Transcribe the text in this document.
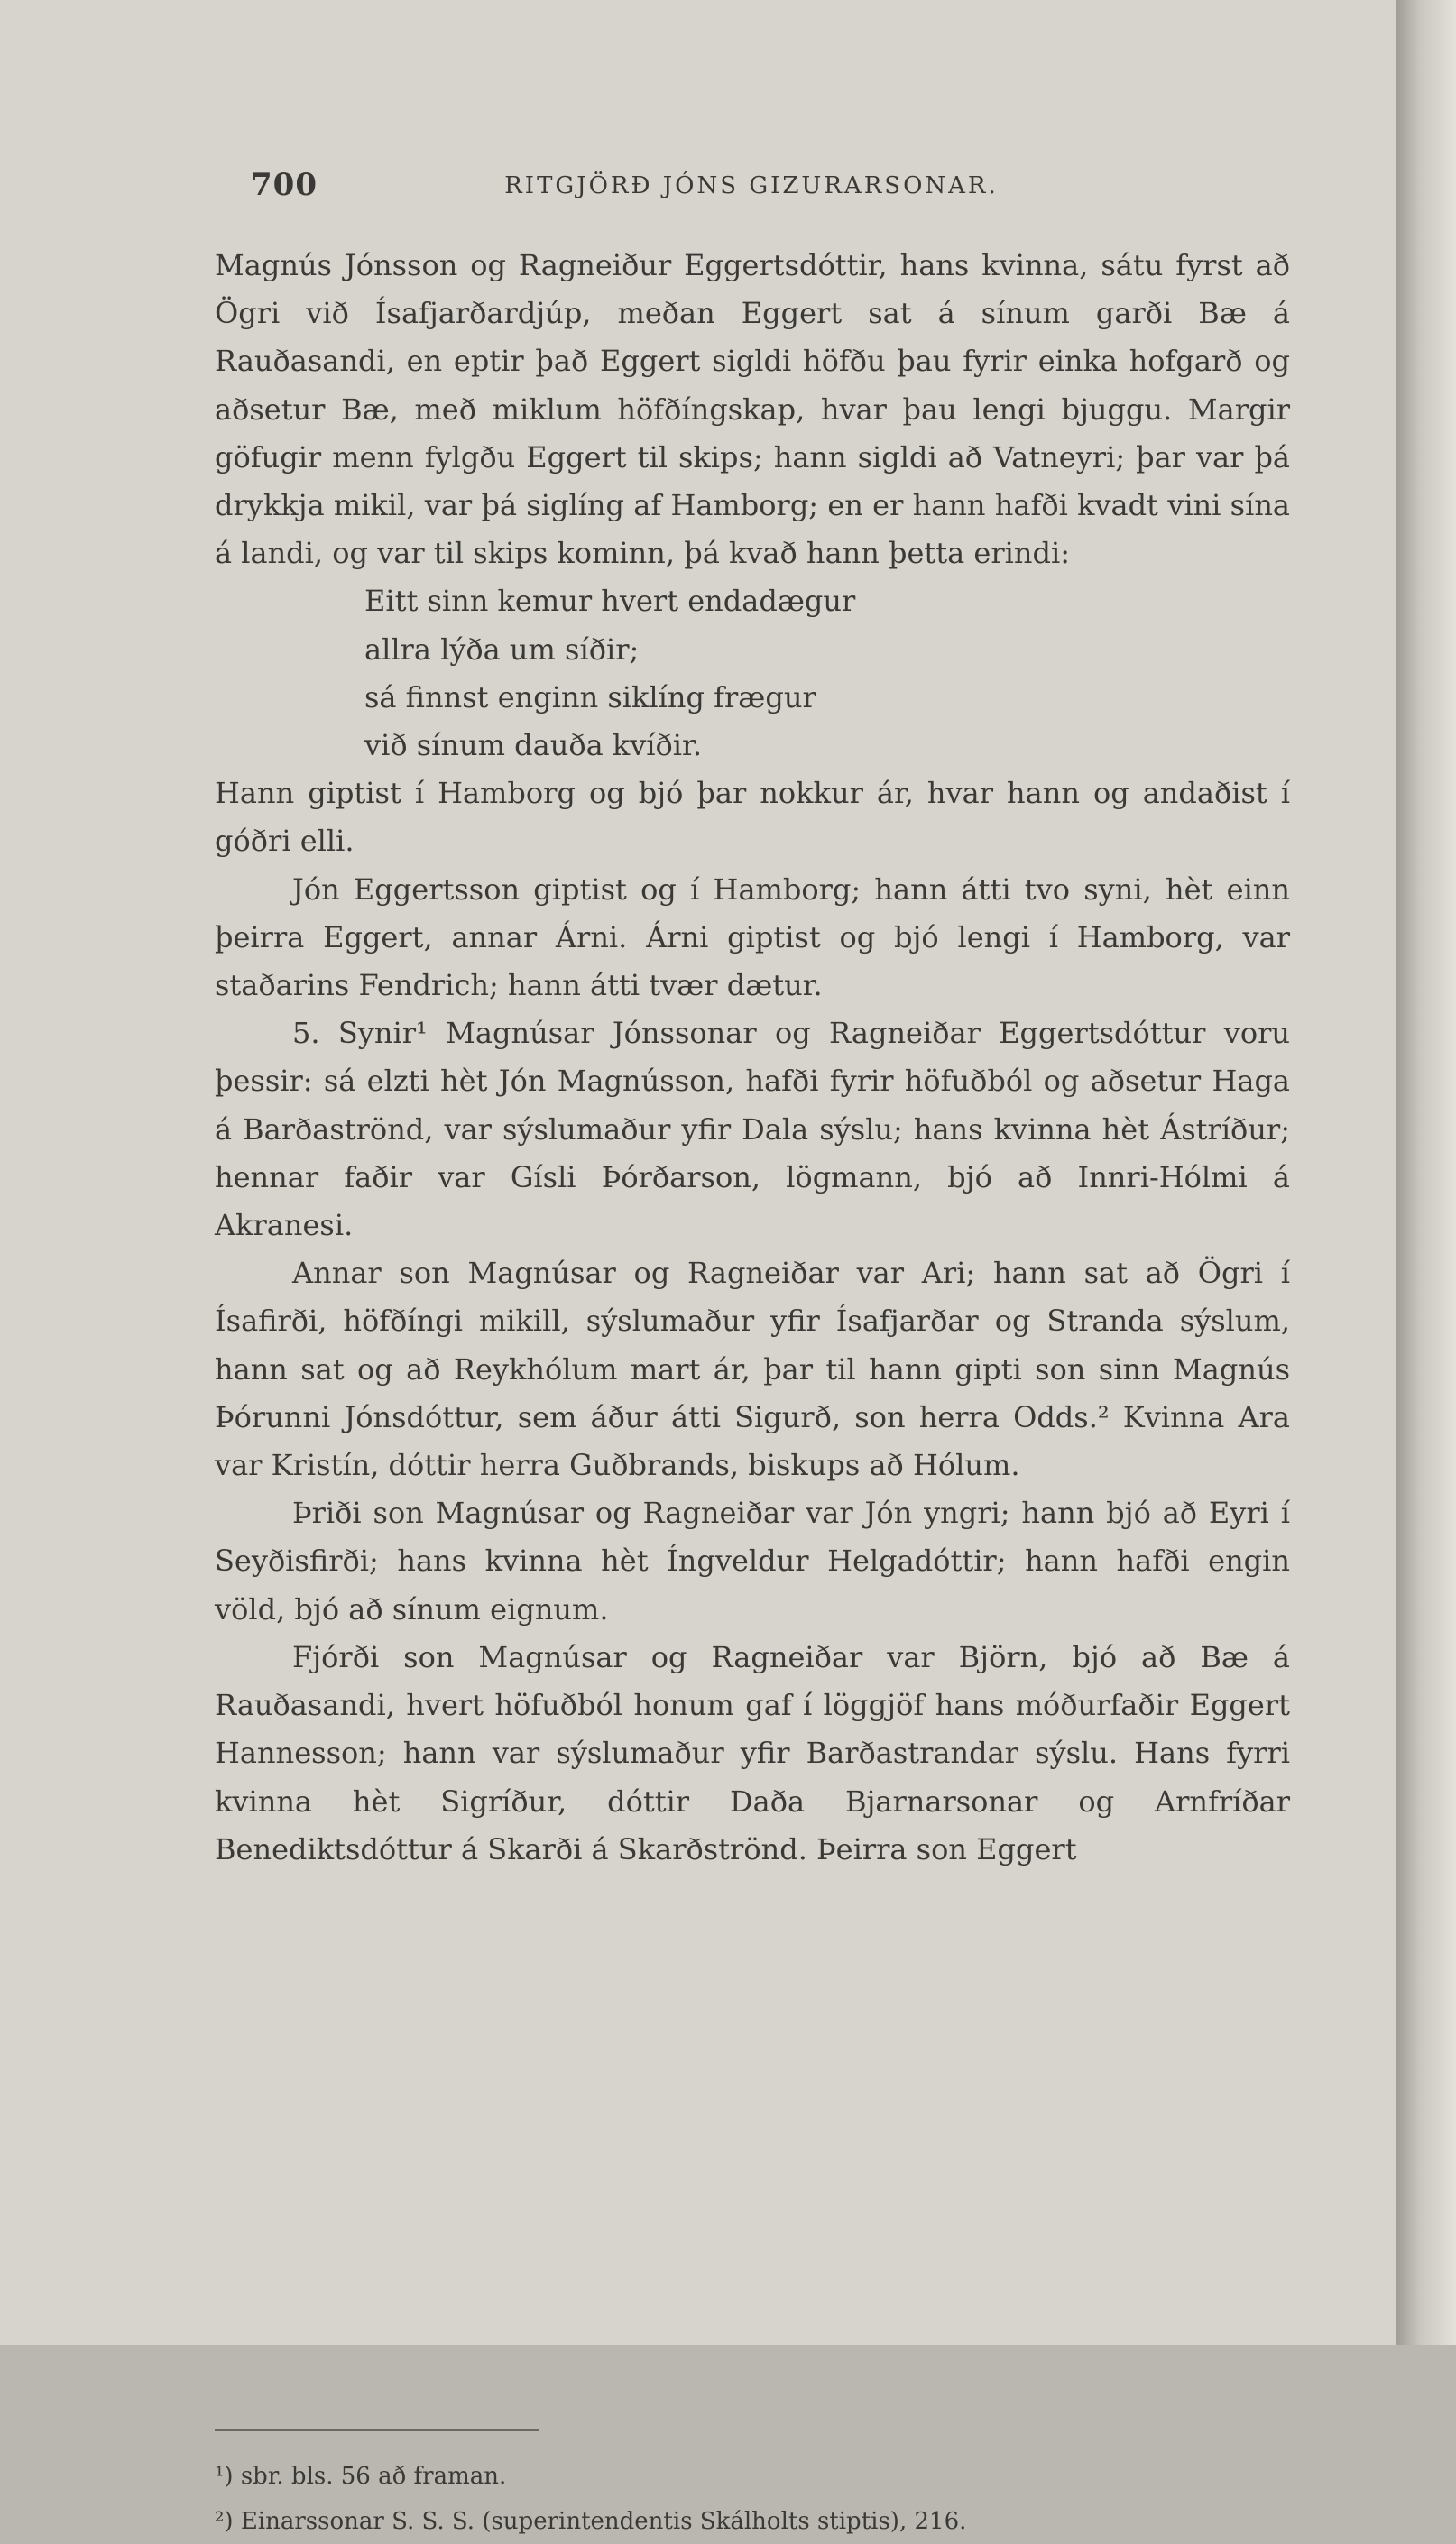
700	RITGJÖRÐ JÓNS GIZURARSONAR.

Magnús Jónsson og Ragneiður Eggertsdóttir, hans kvinna, sátu fyrst að Ögri við Ísafjarðardjúp, meðan Eggert sat á sínum garði Bæ á Rauðasandi, en eptir það Eggert sigldi höfðu þau fyrir einka hofgarð og aðsetur Bæ, með miklum höfðíngskap, hvar þau lengi bjuggu. Margir göfugir menn fylgðu Eggert til skips; hann sigldi að Vatneyri; þar var þá drykkja mikil, var þá siglíng af Hamborg; en er hann hafði kvadt vini sína á landi, og var til skips kominn, þá kvað hann þetta erindi:

Eitt sinn kemur hvert endadægur
allra lýða um síðir;
sá finnst enginn siklíng frægur
við sínum dauða kvíðir.

Hann giptist í Hamborg og bjó þar nokkur ár, hvar hann og andaðist í góðri elli.

Jón Eggertsson giptist og í Hamborg; hann átti tvo syni, hèt einn þeirra Eggert, annar Árni. Árni giptist og bjó lengi í Hamborg, var staðarins Fendrich; hann átti tvær dætur.

5. Synir¹ Magnúsar Jónssonar og Ragneiðar Eggertsdóttur voru þessir: sá elzti hèt Jón Magnússon, hafði fyrir höfuðból og aðsetur Haga á Barðaströnd, var sýslumaður yfir Dala sýslu; hans kvinna hèt Ástríður; hennar faðir var Gísli Þórðarson, lögmann, bjó að Innri-Hólmi á Akranesi.

Annar son Magnúsar og Ragneiðar var Ari; hann sat að Ögri í Ísafirði, höfðíngi mikill, sýslumaður yfir Ísafjarðar og Stranda sýslum, hann sat og að Reykhólum mart ár, þar til hann gipti son sinn Magnús Þórunni Jónsdóttur, sem áður átti Sigurð, son herra Odds.² Kvinna Ara var Kristín, dóttir herra Guðbrands, biskups að Hólum.

Þriði son Magnúsar og Ragneiðar var Jón yngri; hann bjó að Eyri í Seyðisfirði; hans kvinna hèt Íngveldur Helgadóttir; hann hafði engin völd, bjó að sínum eignum.

Fjórði son Magnúsar og Ragneiðar var Björn, bjó að Bæ á Rauðasandi, hvert höfuðból honum gaf í löggjöf hans móðurfaðir Eggert Hannesson; hann var sýslumaður yfir Barðastrandar sýslu. Hans fyrri kvinna hèt Sigríður, dóttir Daða Bjarnarsonar og Arnfríðar Benediktsdóttur á Skarði á Skarðströnd. Þeirra son Eggert

¹) sbr. bls. 56 að framan.
²) Einarssonar S. S. S. (superintendentis Skálholts stiptis), 216.
